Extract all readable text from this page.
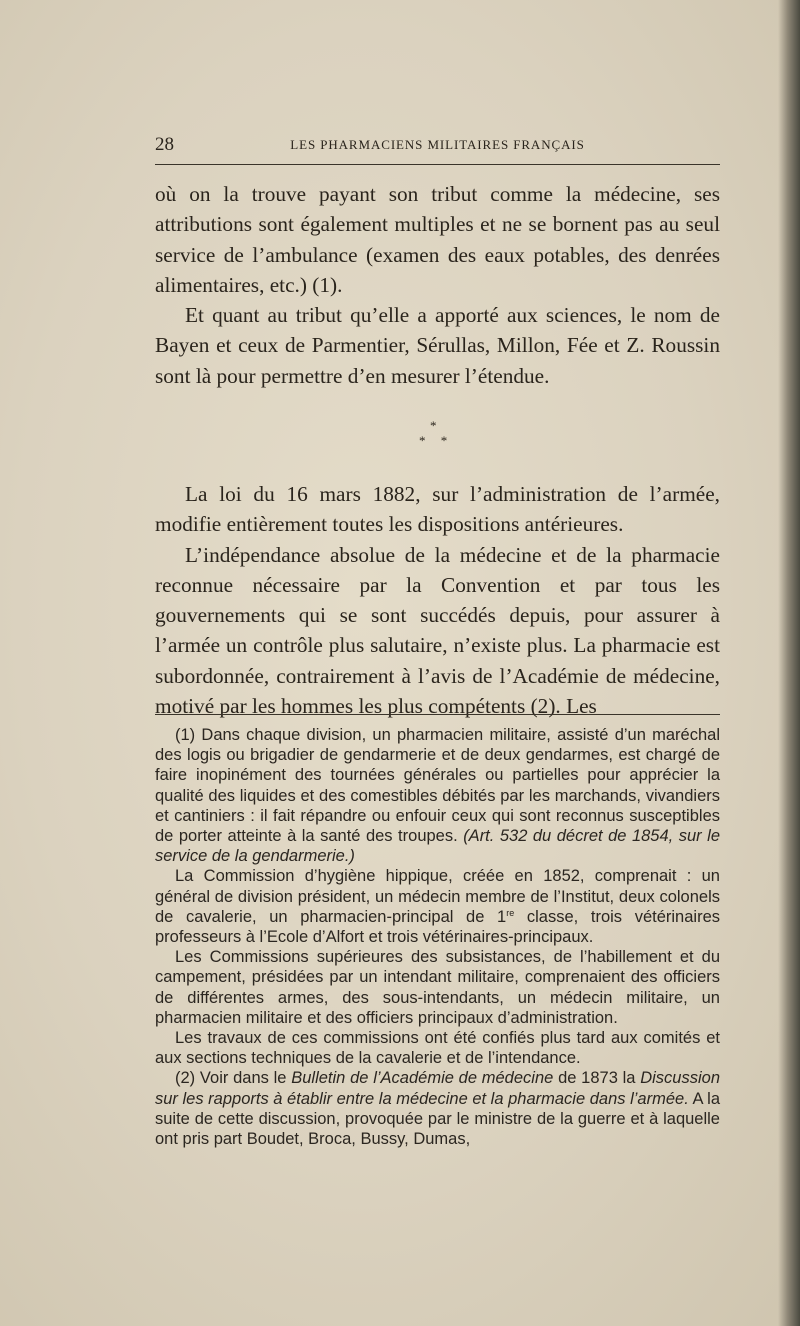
28	LES PHARMACIENS MILITAIRES FRANÇAIS

où on la trouve payant son tribut comme la médecine, ses attributions sont également multiples et ne se bornent pas au seul service de l’ambulance (examen des eaux potables, des denrées alimentaires, etc.) (1).

Et quant au tribut qu’elle a apporté aux sciences, le nom de Bayen et ceux de Parmentier, Sérullas, Millon, Fée et Z. Roussin sont là pour permettre d’en mesurer l’étendue.

*
* *

La loi du 16 mars 1882, sur l’administration de l’armée, modifie entièrement toutes les dispositions antérieures.

L’indépendance absolue de la médecine et de la pharmacie reconnue nécessaire par la Convention et par tous les gouvernements qui se sont succédés depuis, pour assurer à l’armée un contrôle plus salutaire, n’existe plus. La pharmacie est subordonnée, contrairement à l’avis de l’Académie de médecine, motivé par les hommes les plus compétents (2). Les

(1) Dans chaque division, un pharmacien militaire, assisté d’un maréchal des logis ou brigadier de gendarmerie et de deux gendarmes, est chargé de faire inopinément des tournées générales ou partielles pour apprécier la qualité des liquides et des comestibles débités par les marchands, vivandiers et cantiniers : il fait répandre ou enfouir ceux qui sont reconnus susceptibles de porter atteinte à la santé des troupes. (Art. 532 du décret de 1854, sur le service de la gendarmerie.)

La Commission d’hygiène hippique, créée en 1852, comprenait : un général de division président, un médecin membre de l’Institut, deux colonels de cavalerie, un pharmacien-principal de 1re classe, trois vétérinaires professeurs à l’Ecole d’Alfort et trois vétérinaires-principaux.

Les Commissions supérieures des subsistances, de l’habillement et du campement, présidées par un intendant militaire, comprenaient des officiers de différentes armes, des sous-intendants, un médecin militaire, un pharmacien militaire et des officiers principaux d’administration.

Les travaux de ces commissions ont été confiés plus tard aux comités et aux sections techniques de la cavalerie et de l’intendance.

(2) Voir dans le Bulletin de l’Académie de médecine de 1873 la Discussion sur les rapports à établir entre la médecine et la pharmacie dans l’armée. A la suite de cette discussion, provoquée par le ministre de la guerre et à laquelle ont pris part Boudet, Broca, Bussy, Dumas,
